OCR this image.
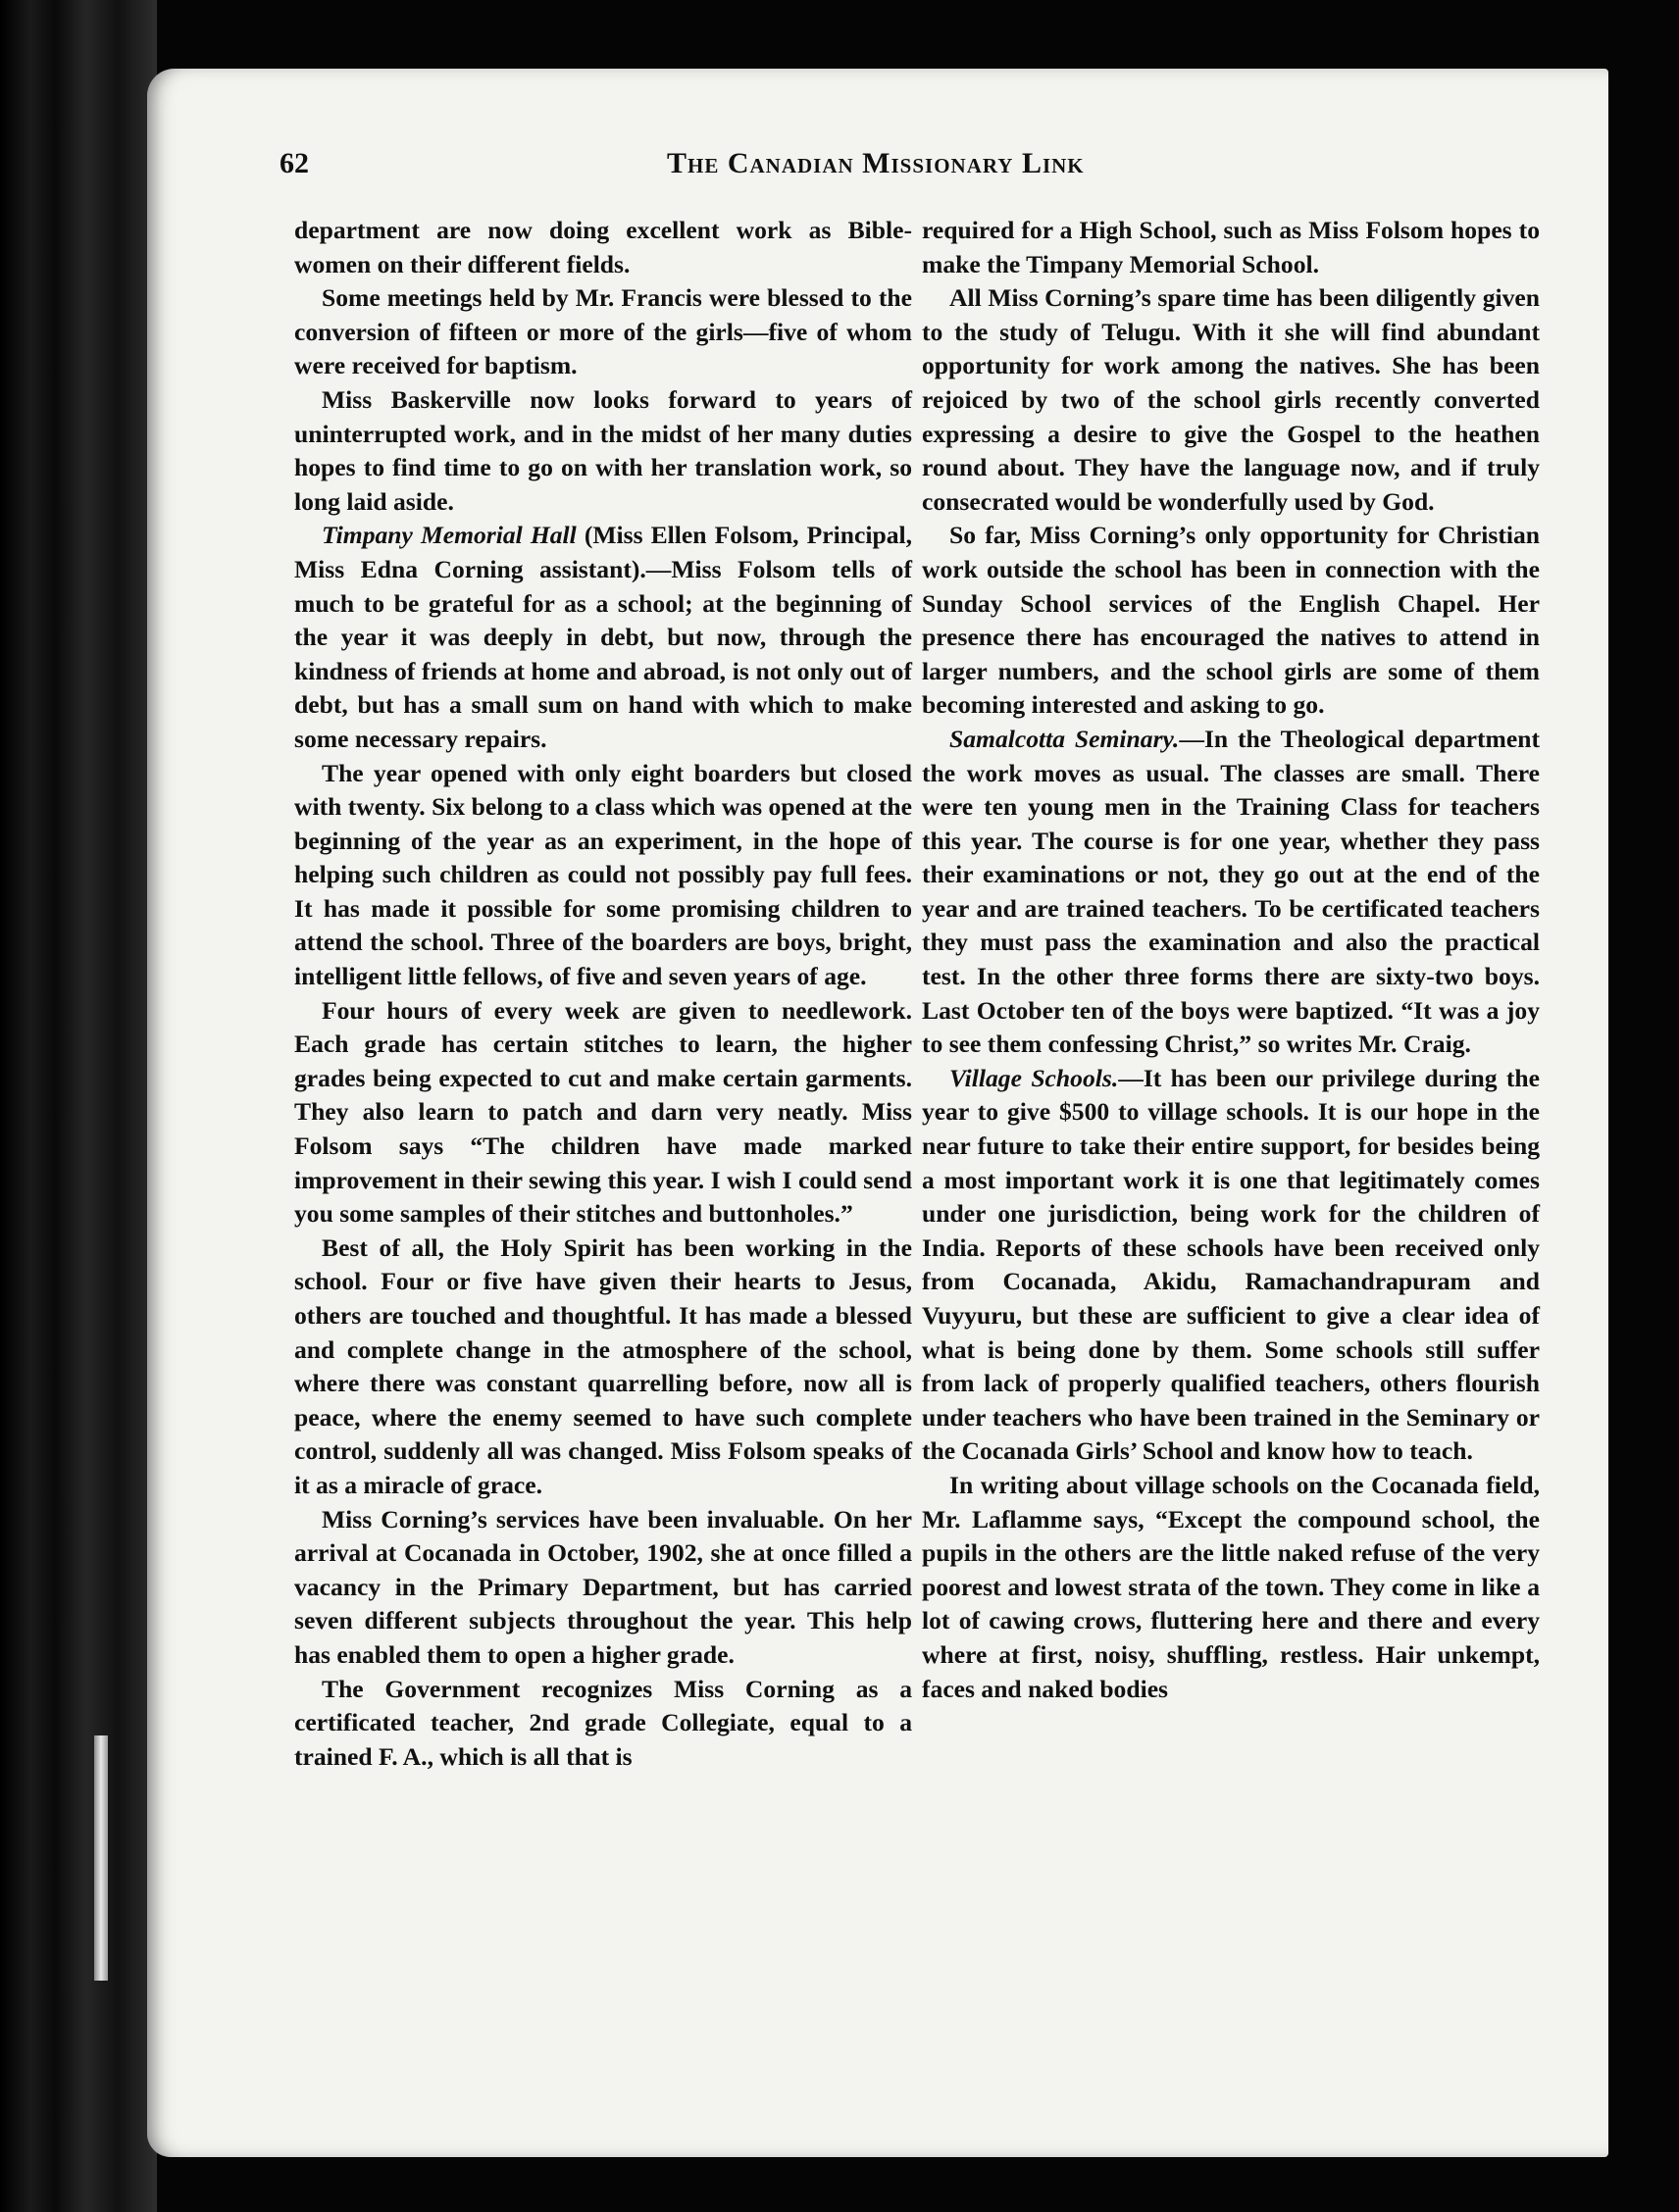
62	The Canadian Missionary Link

department are now doing excellent work as Bible-women on their different fields.

Some meetings held by Mr. Francis were blessed to the conversion of fifteen or more of the girls—five of whom were received for baptism.

Miss Baskerville now looks forward to years of uninterrupted work, and in the midst of her many duties hopes to find time to go on with her translation work, so long laid aside.

Timpany Memorial Hall (Miss Ellen Folsom, Principal, Miss Edna Corning assistant).—Miss Folsom tells of much to be grateful for as a school; at the beginning of the year it was deeply in debt, but now, through the kindness of friends at home and abroad, is not only out of debt, but has a small sum on hand with which to make some necessary repairs.

The year opened with only eight boarders but closed with twenty. Six belong to a class which was opened at the beginning of the year as an experiment, in the hope of helping such children as could not possibly pay full fees. It has made it possible for some promising children to attend the school. Three of the boarders are boys, bright, intelligent little fellows, of five and seven years of age.

Four hours of every week are given to needlework. Each grade has certain stitches to learn, the higher grades being expected to cut and make certain garments. They also learn to patch and darn very neatly. Miss Folsom says “The children have made marked improvement in their sewing this year. I wish I could send you some samples of their stitches and buttonholes.”

Best of all, the Holy Spirit has been working in the school. Four or five have given their hearts to Jesus, others are touched and thoughtful. It has made a blessed and complete change in the atmosphere of the school, where there was constant quarrelling before, now all is peace, where the enemy seemed to have such complete control, suddenly all was changed. Miss Folsom speaks of it as a miracle of grace.

Miss Corning’s services have been invaluable. On her arrival at Cocanada in October, 1902, she at once filled a vacancy in the Primary Department, but has carried seven different subjects throughout the year. This help has enabled them to open a higher grade.

The Government recognizes Miss Corning as a certificated teacher, 2nd grade Collegiate, equal to a trained F. A., which is all that is

required for a High School, such as Miss Folsom hopes to make the Timpany Memorial School.

All Miss Corning’s spare time has been diligently given to the study of Telugu. With it she will find abundant opportunity for work among the natives. She has been rejoiced by two of the school girls recently converted expressing a desire to give the Gospel to the heathen round about. They have the language now, and if truly consecrated would be wonderfully used by God.

So far, Miss Corning’s only opportunity for Christian work outside the school has been in connection with the Sunday School services of the English Chapel. Her presence there has encouraged the natives to attend in larger numbers, and the school girls are some of them becoming interested and asking to go.

Samalcotta Seminary.—In the Theological department the work moves as usual. The classes are small. There were ten young men in the Training Class for teachers this year. The course is for one year, whether they pass their examinations or not, they go out at the end of the year and are trained teachers. To be certificated teachers they must pass the examination and also the practical test. In the other three forms there are sixty-two boys. Last October ten of the boys were baptized. “It was a joy to see them confessing Christ,” so writes Mr. Craig.

Village Schools.—It has been our privilege during the year to give $500 to village schools. It is our hope in the near future to take their entire support, for besides being a most important work it is one that legitimately comes under one jurisdiction, being work for the children of India. Reports of these schools have been received only from Cocanada, Akidu, Ramachandrapuram and Vuyyuru, but these are sufficient to give a clear idea of what is being done by them. Some schools still suffer from lack of properly qualified teachers, others flourish under teachers who have been trained in the Seminary or the Cocanada Girls’ School and know how to teach.

In writing about village schools on the Cocanada field, Mr. Laflamme says, “Except the compound school, the pupils in the others are the little naked refuse of the very poorest and lowest strata of the town. They come in like a lot of cawing crows, fluttering here and there and every where at first, noisy, shuffling, restless. Hair unkempt, faces and naked bodies
